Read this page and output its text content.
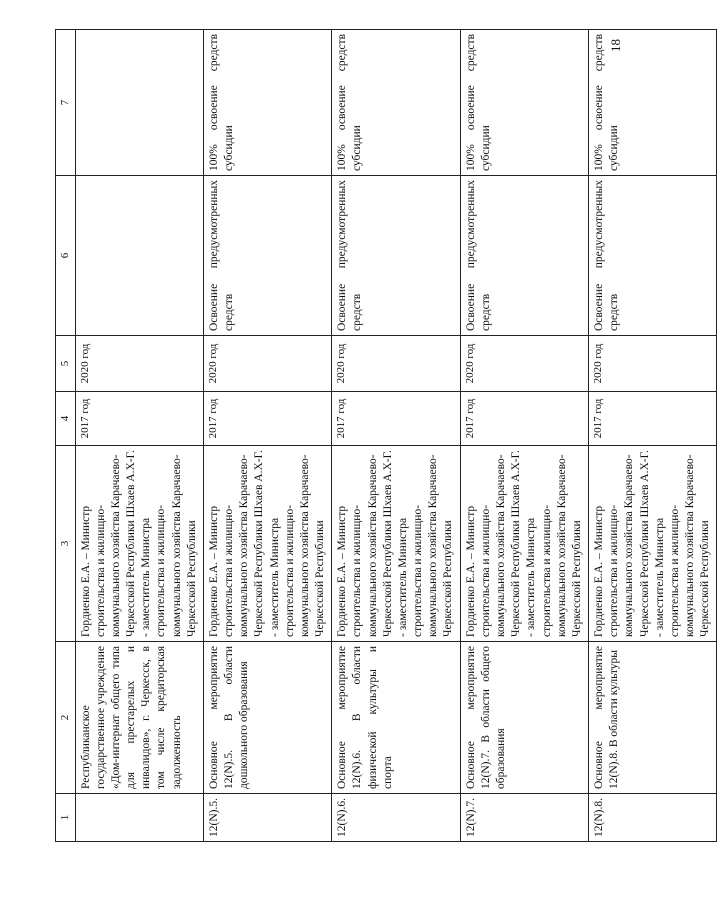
18
1	2	3	4	5	6	7
	Республиканское государственное учреждение «Дом-интернат общего типа для престарелых и инвалидов», г. Черкесск, в том числе кредиторская задолженность	Гордиенко Е.А. – Министр строительства и жилищно-коммунального хозяйства Карачаево-Черкесской Республики Шхаев А.Х-Г. - заместитель Министра строительства и жилищно-коммунального хозяйства Карачаево-Черкесской Республики	2017 год	2020 год		
12(N).5.	Основное мероприятие 12(N).5. В области дошкольного образования	Гордиенко Е.А. – Министр строительства и жилищно-коммунального хозяйства Карачаево-Черкесской Республики Шхаев А.Х-Г. - заместитель Министра строительства и жилищно-коммунального хозяйства Карачаево-Черкесской Республики	2017 год	2020 год	Освоение предусмотренных средств	100% освоение средств субсидии
12(N).6.	Основное мероприятие 12(N).6. В области физической культуры и спорта	Гордиенко Е.А. – Министр строительства и жилищно-коммунального хозяйства Карачаево-Черкесской Республики Шхаев А.Х-Г. - заместитель Министра строительства и жилищно-коммунального хозяйства Карачаево-Черкесской Республики	2017 год	2020 год	Освоение предусмотренных средств	100% освоение средств субсидии
12(N).7.	Основное мероприятие 12(N).7. В области общего образования	Гордиенко Е.А. – Министр строительства и жилищно-коммунального хозяйства Карачаево-Черкесской Республики Шхаев А.Х-Г. - заместитель Министра строительства и жилищно-коммунального хозяйства Карачаево-Черкесской Республики	2017 год	2020 год	Освоение предусмотренных средств	100% освоение средств субсидии
12(N).8.	Основное мероприятие 12(N).8. В области культуры	Гордиенко Е.А. – Министр строительства и жилищно-коммунального хозяйства Карачаево-Черкесской Республики Шхаев А.Х-Г. - заместитель Министра строительства и жилищно-коммунального хозяйства Карачаево-Черкесской Республики	2017 год	2020 год	Освоение предусмотренных средств	100% освоение средств субсидии
